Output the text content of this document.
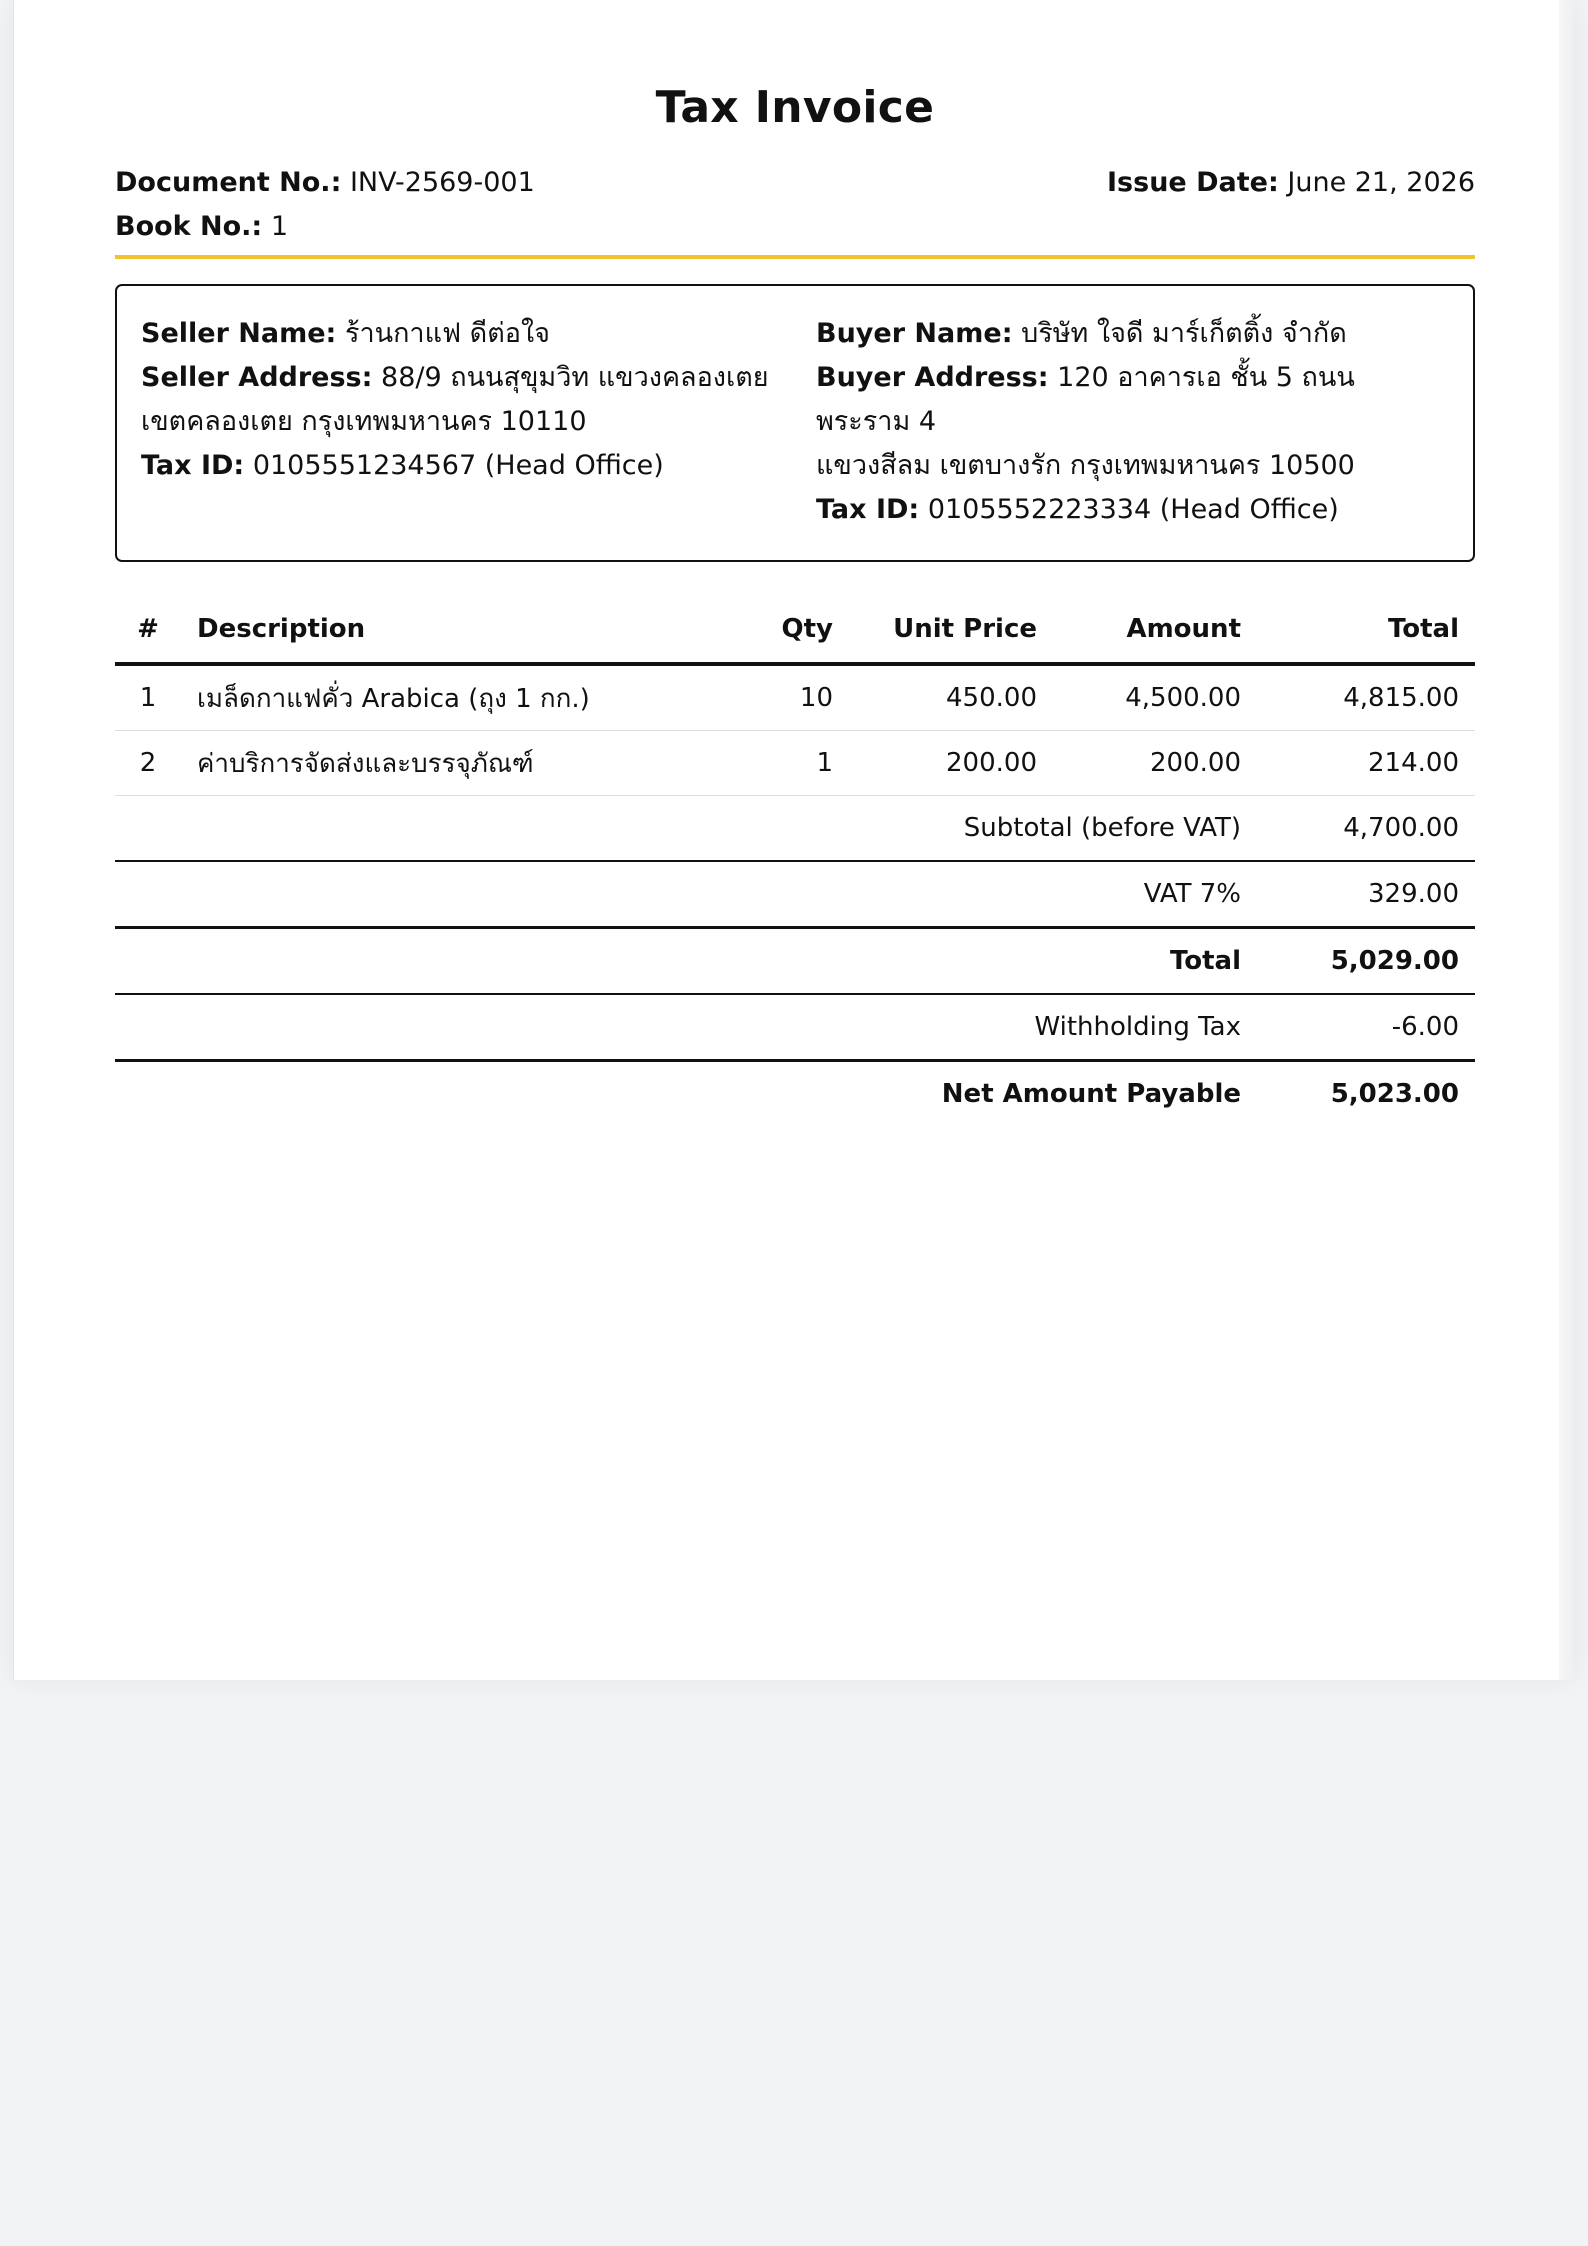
Tax Invoice
Document No.: INV-2569-001
Book No.: 1
Issue Date: June 21, 2026
Seller Name: ร้านกาแฟ ดีต่อใจ
Seller Address: 88/9 ถนนสุขุมวิท แขวงคลองเตย
เขตคลองเตย กรุงเทพมหานคร 10110
Tax ID: 0105551234567 (Head Office)
Buyer Name: บริษัท ใจดี มาร์เก็ตติ้ง จำกัด
Buyer Address: 120 อาคารเอ ชั้น 5 ถนนพระราม 4
แขวงสีลม เขตบางรัก กรุงเทพมหานคร 10500
Tax ID: 0105552223334 (Head Office)
#	Description	Qty	Unit Price	Amount	Total
1	เมล็ดกาแฟคั่ว Arabica (ถุง 1 กก.)	10	450.00	4,500.00	4,815.00
2	ค่าบริการจัดส่งและบรรจุภัณฑ์	1	200.00	200.00	214.00
Subtotal (before VAT)					4,700.00
VAT 7%					329.00
Total					5,029.00
Withholding Tax					-6.00
Net Amount Payable					5,023.00
